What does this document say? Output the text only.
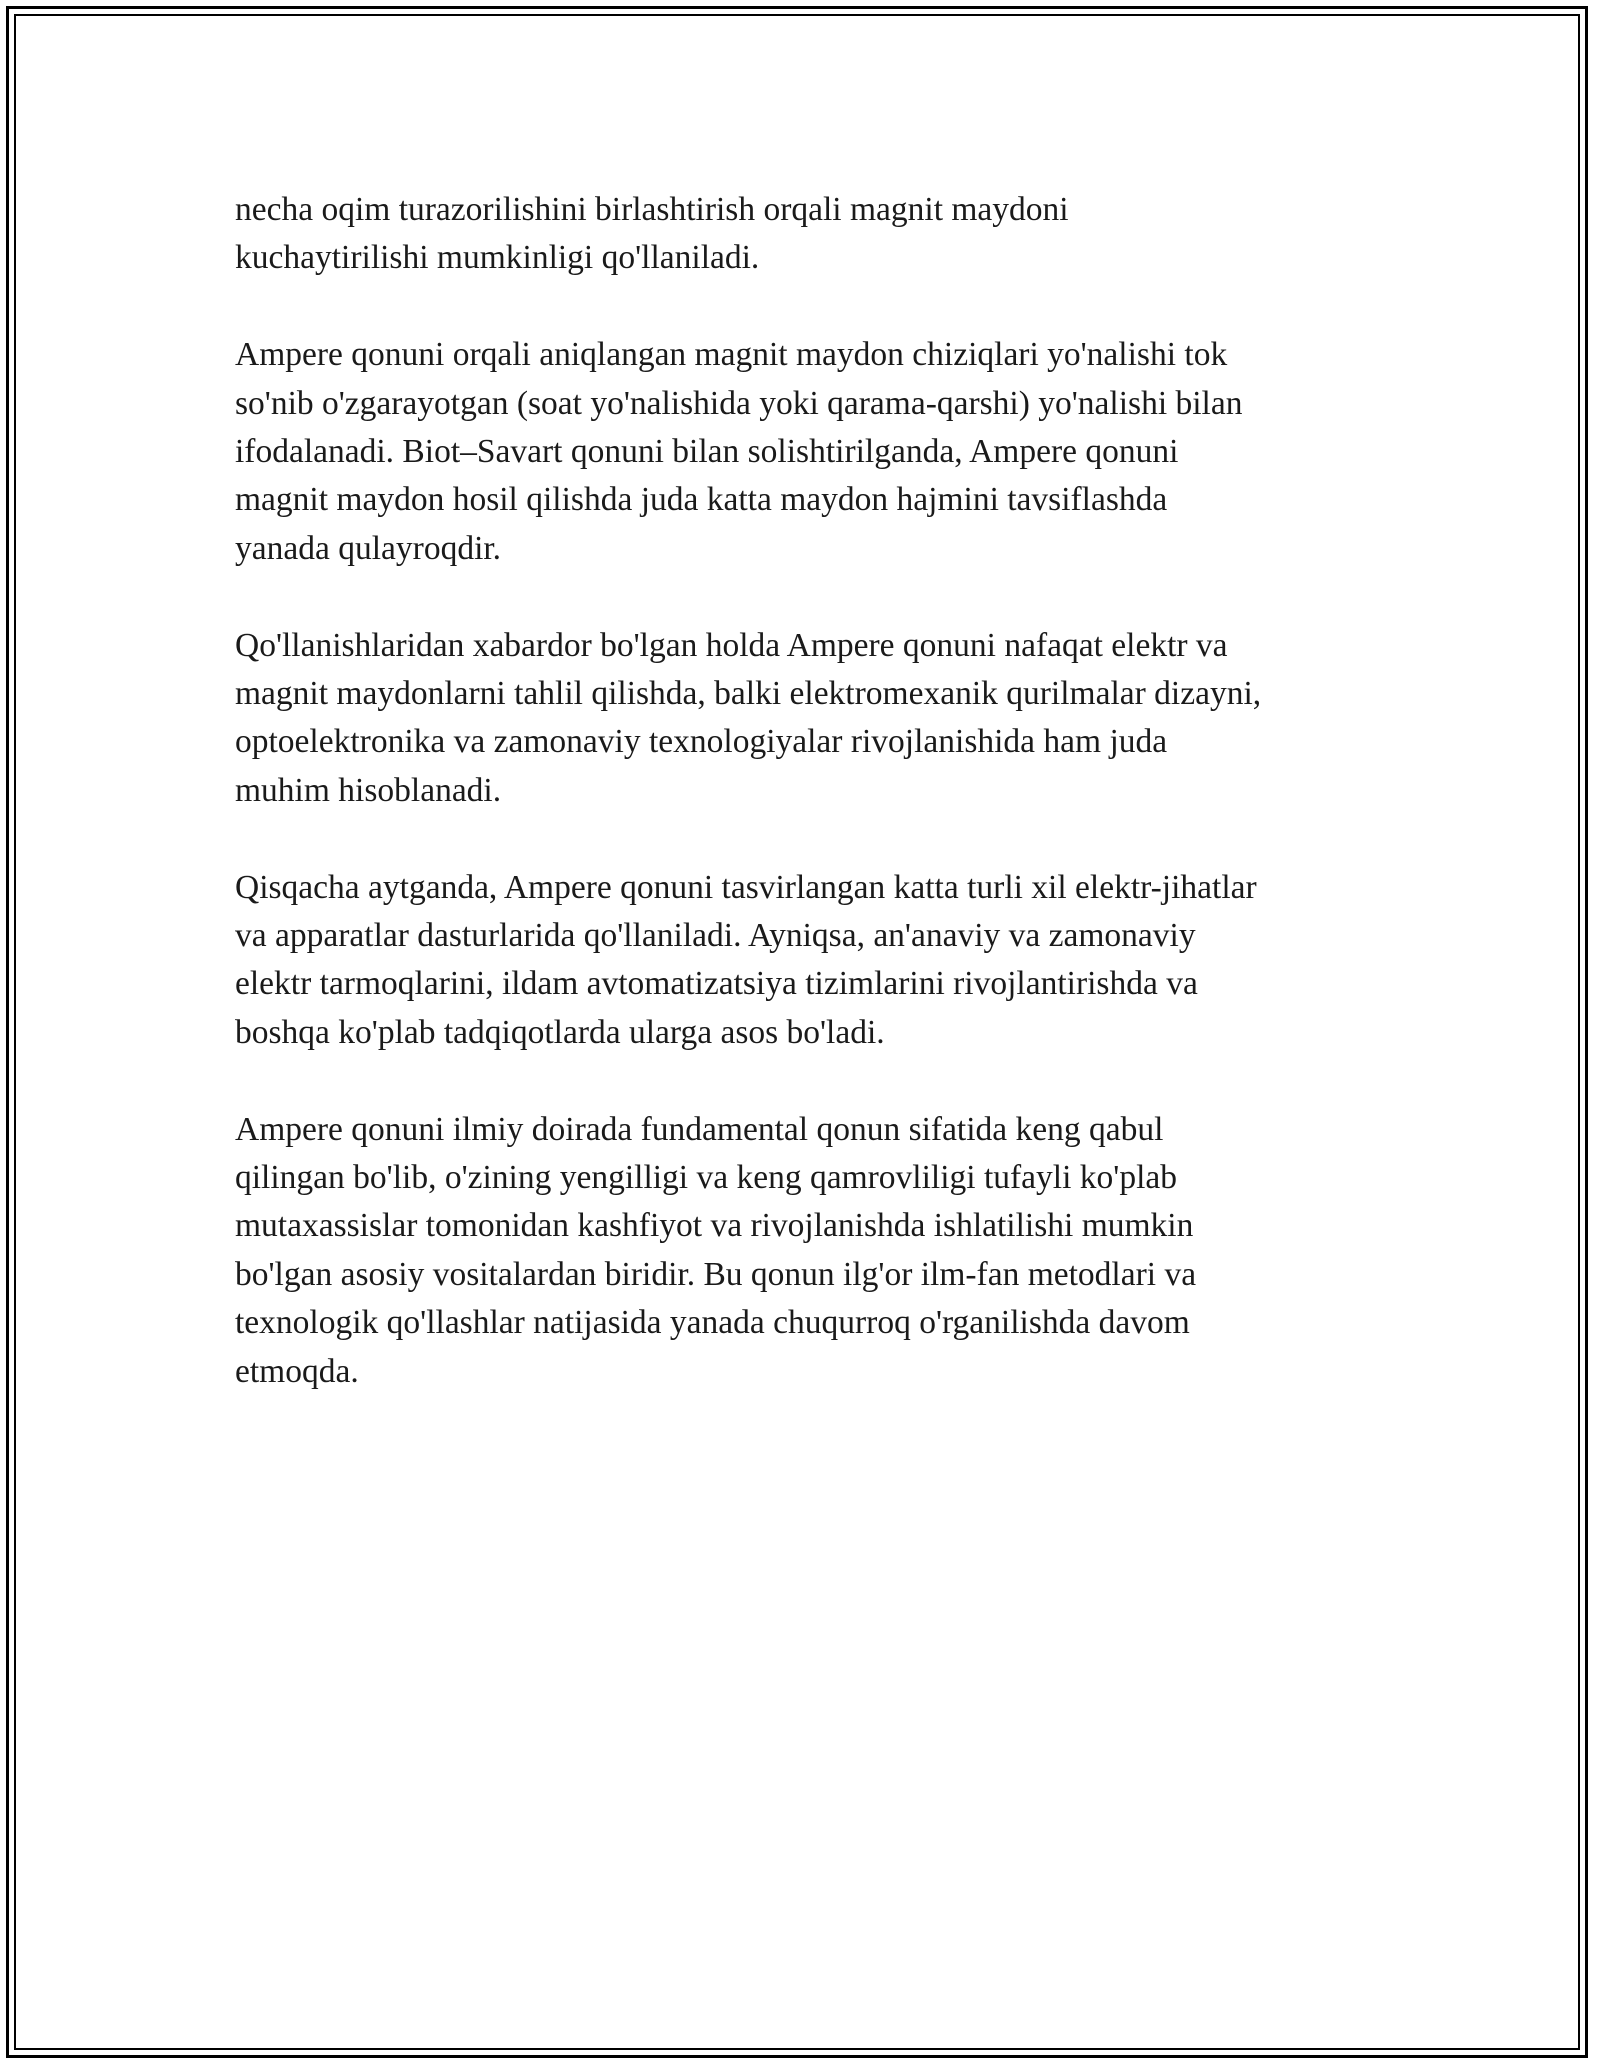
necha oqim turazorilishini birlashtirish orqali magnit maydoni
kuchaytirilishi mumkinligi qo'llaniladi.

Ampere qonuni orqali aniqlangan magnit maydon chiziqlari yo'nalishi tok
so'nib o'zgarayotgan (soat yo'nalishida yoki qarama-qarshi) yo'nalishi bilan
ifodalanadi. Biot–Savart qonuni bilan solishtirilganda, Ampere qonuni
magnit maydon hosil qilishda juda katta maydon hajmini tavsiflashda
yanada qulayroqdir.

Qo'llanishlaridan xabardor bo'lgan holda Ampere qonuni nafaqat elektr va
magnit maydonlarni tahlil qilishda, balki elektromexanik qurilmalar dizayni,
optoelektronika va zamonaviy texnologiyalar rivojlanishida ham juda
muhim hisoblanadi.

Qisqacha aytganda, Ampere qonuni tasvirlangan katta turli xil elektr-jihatlar
va apparatlar dasturlarida qo'llaniladi. Ayniqsa, an'anaviy va zamonaviy
elektr tarmoqlarini, ildam avtomatizatsiya tizimlarini rivojlantirishda va
boshqa ko'plab tadqiqotlarda ularga asos bo'ladi.

Ampere qonuni ilmiy doirada fundamental qonun sifatida keng qabul
qilingan bo'lib, o'zining yengilligi va keng qamrovliligi tufayli ko'plab
mutaxassislar tomonidan kashfiyot va rivojlanishda ishlatilishi mumkin
bo'lgan asosiy vositalardan biridir. Bu qonun ilg'or ilm-fan metodlari va
texnologik qo'llashlar natijasida yanada chuqurroq o'rganilishda davom
etmoqda.
